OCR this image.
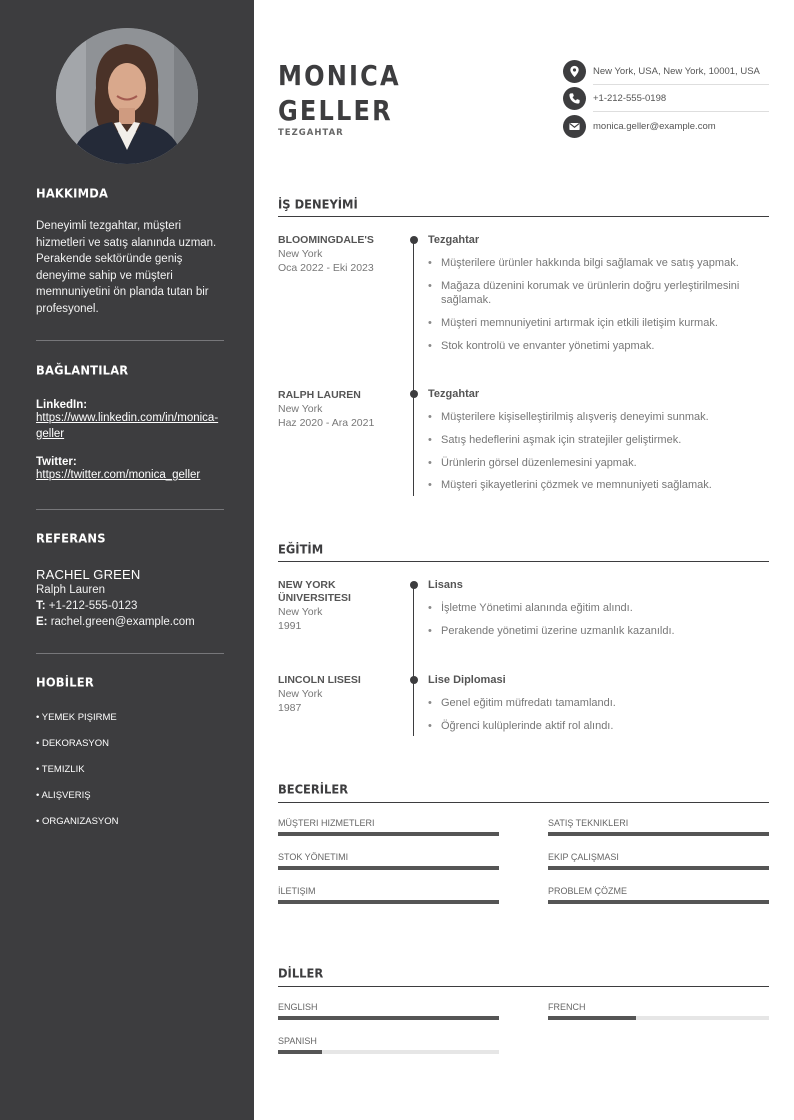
HAKKIMDA
Deneyimli tezgahtar, müşteri hizmetleri ve satış alanında uzman. Perakende sektöründe geniş deneyime sahip ve müşteri memnuniyetini ön planda tutan bir profesyonel.
BAĞLANTILAR
LinkedIn:
https://www.linkedin.com/in/monica-geller
Twitter:
https://twitter.com/monica_geller
REFERANS
RACHEL GREEN
Ralph Lauren
T: +1-212-555-0123
E: rachel.green@example.com
HOBİLER
• YEMEK PIŞIRME
• DEKORASYON
• TEMIZLIK
• ALIŞVERIŞ
• ORGANIZASYON
MONICA
GELLER
TEZGAHTAR
New York, USA, New York, 10001, USA
+1-212-555-0198
monica.geller@example.com
İŞ DENEYİMİ
BLOOMINGDALE'S
New York
Oca 2022 - Eki 2023
Tezgahtar
• Müşterilere ürünler hakkında bilgi sağlamak ve satış yapmak.
• Mağaza düzenini korumak ve ürünlerin doğru yerleştirilmesini sağlamak.
• Müşteri memnuniyetini artırmak için etkili iletişim kurmak.
• Stok kontrolü ve envanter yönetimi yapmak.
RALPH LAUREN
New York
Haz 2020 - Ara 2021
Tezgahtar
• Müşterilere kişiselleştirilmiş alışveriş deneyimi sunmak.
• Satış hedeflerini aşmak için stratejiler geliştirmek.
• Ürünlerin görsel düzenlemesini yapmak.
• Müşteri şikayetlerini çözmek ve memnuniyeti sağlamak.
EĞİTİM
NEW YORK ÜNIVERSITESI
New York
1991
Lisans
• İşletme Yönetimi alanında eğitim alındı.
• Perakende yönetimi üzerine uzmanlık kazanıldı.
LINCOLN LISESI
New York
1987
Lise Diplomasi
• Genel eğitim müfredatı tamamlandı.
• Öğrenci kulüplerinde aktif rol alındı.
BECERİLER
MÜŞTERI HIZMETLERI	SATIŞ TEKNIKLERI
STOK YÖNETIMI	EKIP ÇALIŞMASI
İLETIŞIM	PROBLEM ÇÖZME
DİLLER
ENGLISH	FRENCH
SPANISH
